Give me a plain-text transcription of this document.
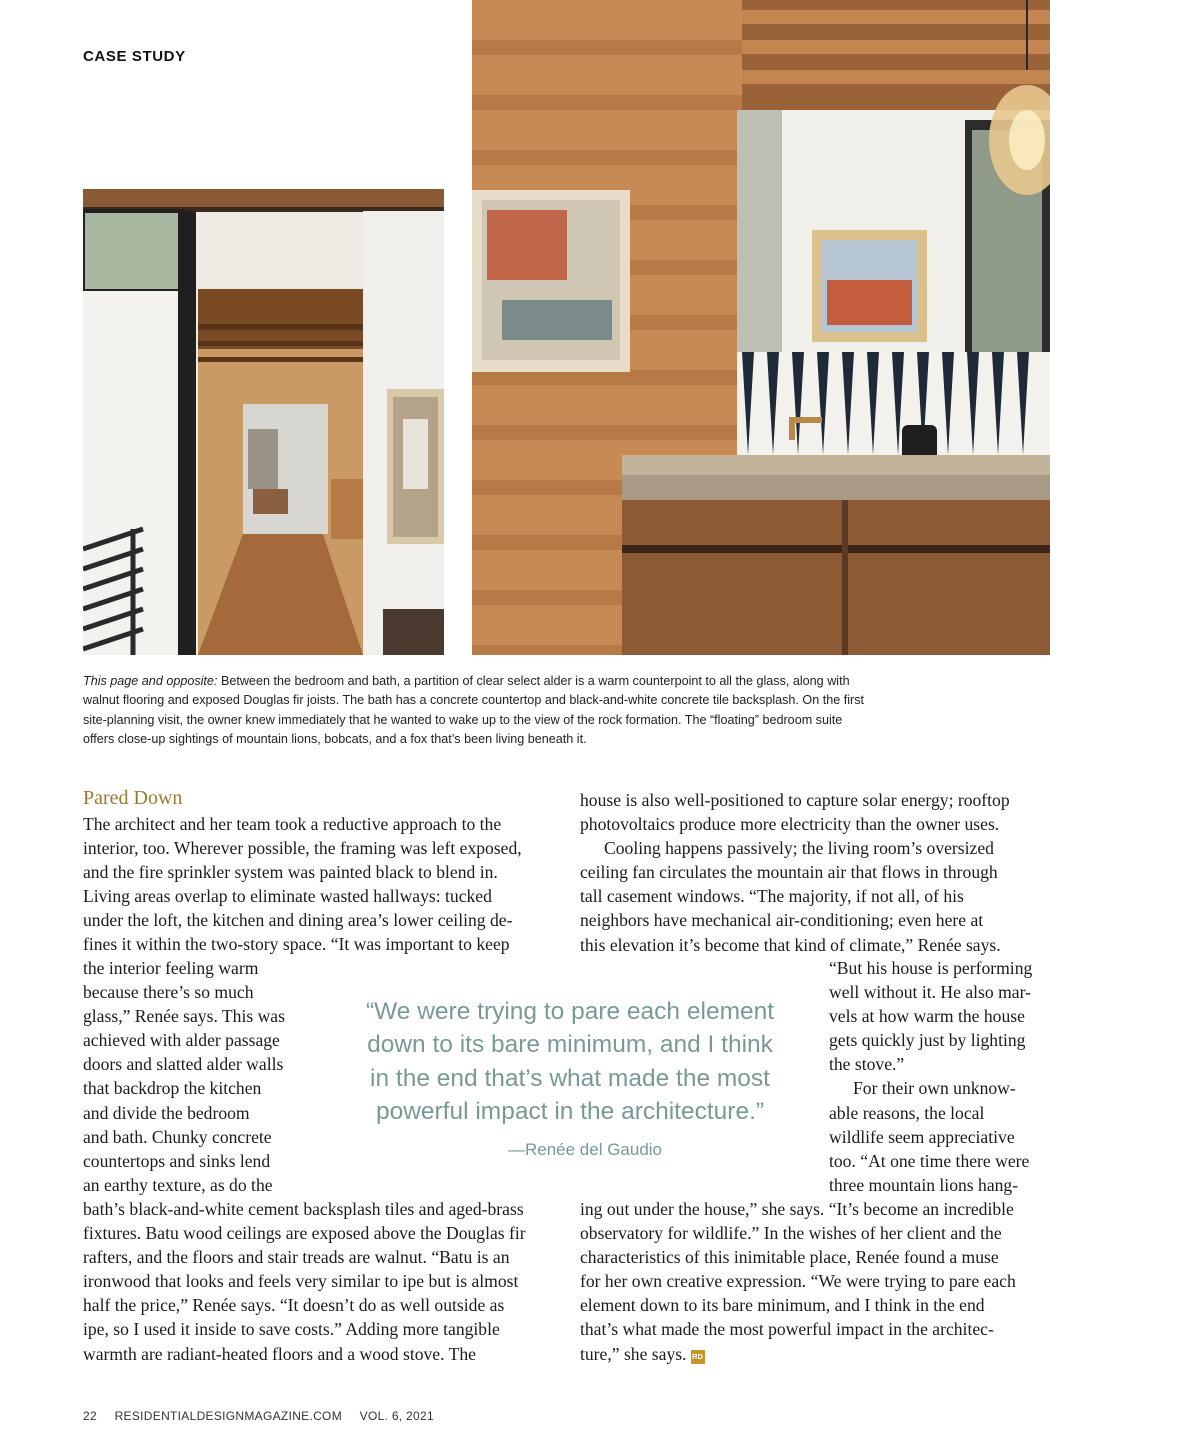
CASE STUDY
This page and opposite: Between the bedroom and bath, a partition of clear select alder is a warm counterpoint to all the glass, along with
walnut flooring and exposed Douglas fir joists. The bath has a concrete countertop and black-and-white concrete tile backsplash. On the first
site-planning visit, the owner knew immediately that he wanted to wake up to the view of the rock formation. The “floating” bedroom suite
offers close-up sightings of mountain lions, bobcats, and a fox that’s been living beneath it.
Pared Down
The architect and her team took a reductive approach to the
interior, too. Wherever possible, the framing was left exposed,
and the fire sprinkler system was painted black to blend in.
Living areas overlap to eliminate wasted hallways: tucked
under the loft, the kitchen and dining area’s lower ceiling de-
fines it within the two-story space. “It was important to keep
the interior feeling warm
because there’s so much
glass,” Renée says. This was
achieved with alder passage
doors and slatted alder walls
that backdrop the kitchen
and divide the bedroom
and bath. Chunky concrete
countertops and sinks lend
an earthy texture, as do the
bath’s black-and-white cement backsplash tiles and aged-brass
fixtures. Batu wood ceilings are exposed above the Douglas fir
rafters, and the floors and stair treads are walnut. “Batu is an
ironwood that looks and feels very similar to ipe but is almost
half the price,” Renée says. “It doesn’t do as well outside as
ipe, so I used it inside to save costs.” Adding more tangible
warmth are radiant-heated floors and a wood stove. The
“We were trying to pare each element
down to its bare minimum, and I think
in the end that’s what made the most
powerful impact in the architecture.”
—Renée del Gaudio
house is also well-positioned to capture solar energy; rooftop
photovoltaics produce more electricity than the owner uses.
Cooling happens passively; the living room’s oversized
ceiling fan circulates the mountain air that flows in through
tall casement windows. “The majority, if not all, of his
neighbors have mechanical air-conditioning; even here at
this elevation it’s become that kind of climate,” Renée says.
“But his house is performing
well without it. He also mar-
vels at how warm the house
gets quickly just by lighting
the stove.”
For their own unknow-
able reasons, the local
wildlife seem appreciative
too. “At one time there were
three mountain lions hang-
ing out under the house,” she says. “It’s become an incredible
observatory for wildlife.” In the wishes of her client and the
characteristics of this inimitable place, Renée found a muse
for her own creative expression. “We were trying to pare each
element down to its bare minimum, and I think in the end
that’s what made the most powerful impact in the architec-
ture,” she says. RD
22 RESIDENTIALDESIGNMAGAZINE.COM VOL. 6, 2021
